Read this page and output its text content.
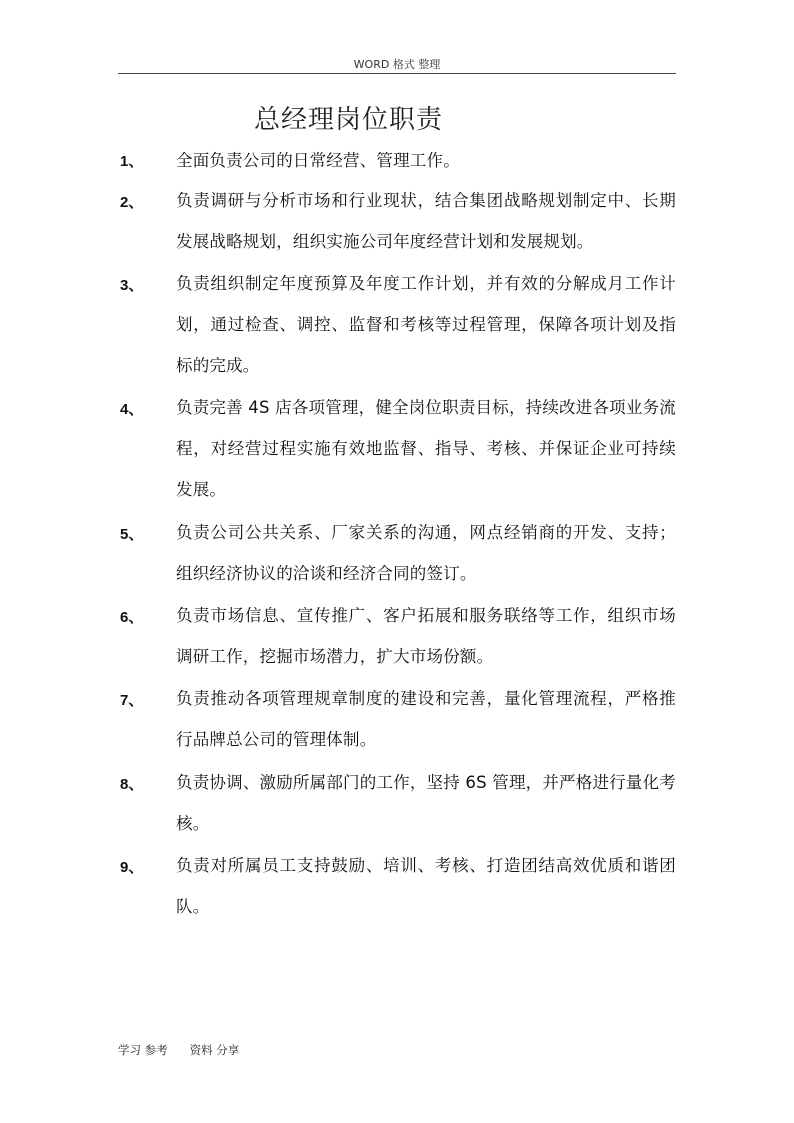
WORD 格式 整理
总经理岗位职责
1、 全面负责公司的日常经营、管理工作。
2、 负责调研与分析市场和行业现状，结合集团战略规划制定中、长期发展战略规划，组织实施公司年度经营计划和发展规划。
3、 负责组织制定年度预算及年度工作计划，并有效的分解成月工作计划，通过检查、调控、监督和考核等过程管理，保障各项计划及指标的完成。
4、 负责完善 4S 店各项管理，健全岗位职责目标，持续改进各项业务流程，对经营过程实施有效地监督、指导、考核、并保证企业可持续发展。
5、 负责公司公共关系、厂家关系的沟通，网点经销商的开发、支持；组织经济协议的洽谈和经济合同的签订。
6、 负责市场信息、宣传推广、客户拓展和服务联络等工作，组织市场调研工作，挖掘市场潜力，扩大市场份额。
7、 负责推动各项管理规章制度的建设和完善，量化管理流程，严格推行品牌总公司的管理体制。
8、 负责协调、激励所属部门的工作，坚持 6S 管理，并严格进行量化考核。
9、 负责对所属员工支持鼓励、培训、考核、打造团结高效优质和谐团队。
学习 参考      资料 分享
